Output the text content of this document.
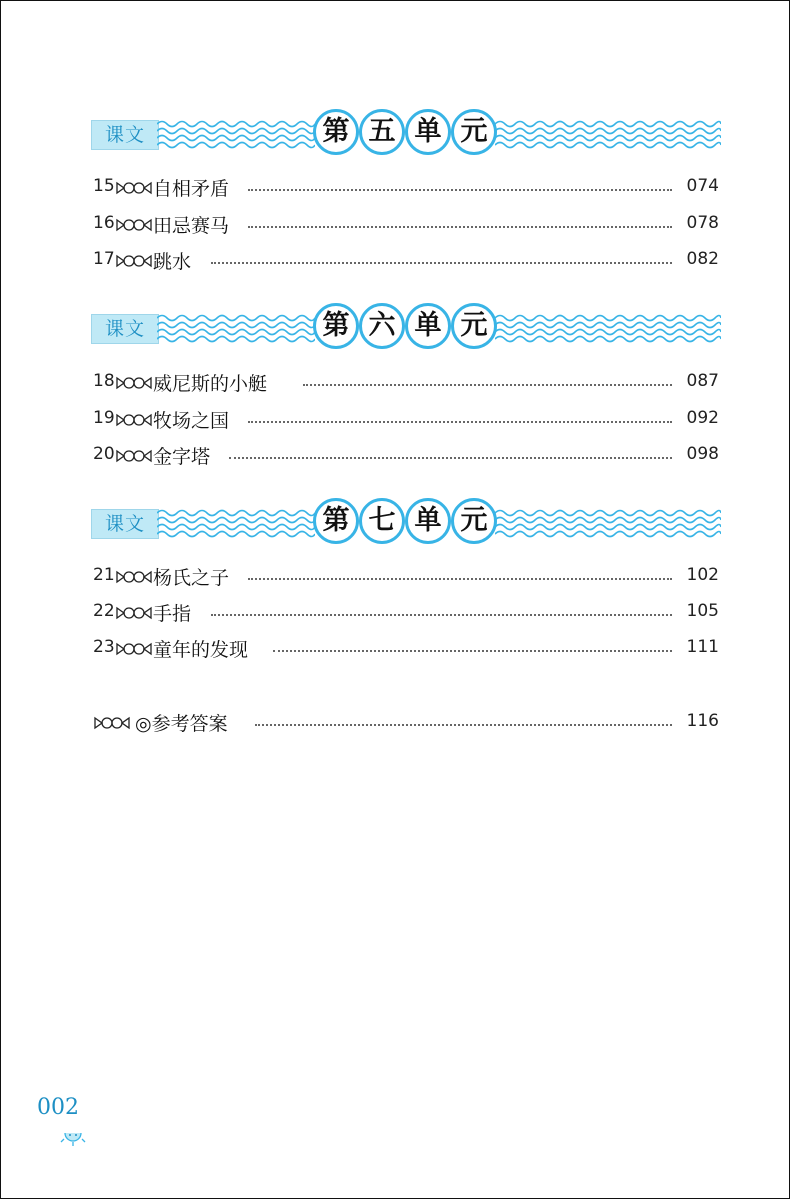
课文	第 五 单 元
15 自相矛盾	074
16 田忌赛马	078
17 跳水	082
课文	第 六 单 元
18 威尼斯的小艇	087
19 牧场之国	092
20 金字塔	098
课文	第 七 单 元
21 杨氏之子	102
22 手指	105
23 童年的发现	111
◎参考答案	116
002
